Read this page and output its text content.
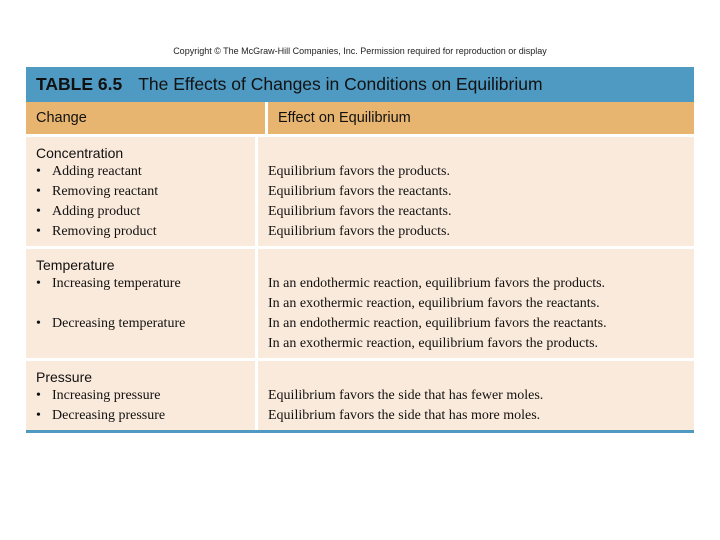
Copyright © The McGraw-Hill Companies, Inc. Permission required for reproduction or display
TABLE 6.5 The Effects of Changes in Conditions on Equilibrium
Change	Effect on Equilibrium
Concentration
• Adding reactant
• Removing reactant
• Adding product
• Removing product
Equilibrium favors the products.
Equilibrium favors the reactants.
Equilibrium favors the reactants.
Equilibrium favors the products.
Temperature
• Increasing temperature
• Decreasing temperature
In an endothermic reaction, equilibrium favors the products.
In an exothermic reaction, equilibrium favors the reactants.
In an endothermic reaction, equilibrium favors the reactants.
In an exothermic reaction, equilibrium favors the products.
Pressure
• Increasing pressure
• Decreasing pressure
Equilibrium favors the side that has fewer moles.
Equilibrium favors the side that has more moles.
